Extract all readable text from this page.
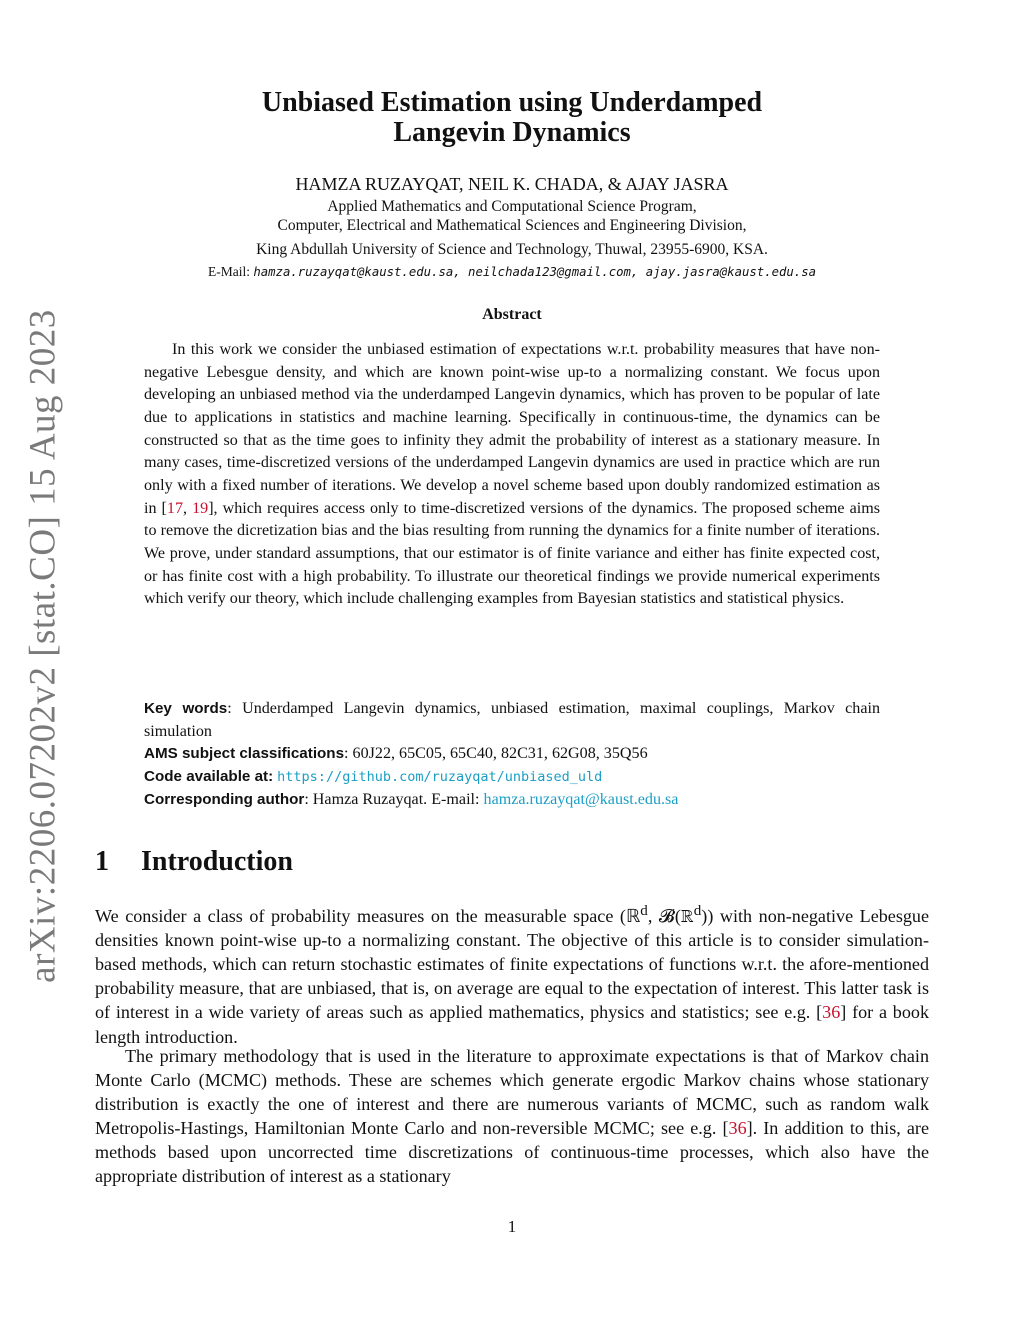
arXiv:2206.07202v2 [stat.CO] 15 Aug 2023
Unbiased Estimation using Underdamped
Langevin Dynamics
HAMZA RUZAYQAT, NEIL K. CHADA, & AJAY JASRA
Applied Mathematics and Computational Science Program,
Computer, Electrical and Mathematical Sciences and Engineering Division,
King Abdullah University of Science and Technology, Thuwal, 23955-6900, KSA.
E-Mail: hamza.ruzayqat@kaust.edu.sa, neilchada123@gmail.com, ajay.jasra@kaust.edu.sa
Abstract

In this work we consider the unbiased estimation of expectations w.r.t. probability measures that have non-negative Lebesgue density, and which are known point-wise up-to a normalizing constant. We focus upon developing an unbiased method via the underdamped Langevin dynamics, which has proven to be popular of late due to applications in statistics and machine learning. Specifically in continuous-time, the dynamics can be constructed so that as the time goes to infinity they admit the probability of interest as a stationary measure. In many cases, time-discretized versions of the underdamped Langevin dynamics are used in practice which are run only with a fixed number of iterations. We develop a novel scheme based upon doubly randomized estimation as in [17, 19], which requires access only to time-discretized versions of the dynamics. The proposed scheme aims to remove the dicretization bias and the bias resulting from running the dynamics for a finite number of iterations. We prove, under standard assumptions, that our estimator is of finite variance and either has finite expected cost, or has finite cost with a high probability. To illustrate our theoretical findings we provide numerical experiments which verify our theory, which include challenging examples from Bayesian statistics and statistical physics.

Key words: Underdamped Langevin dynamics, unbiased estimation, maximal couplings, Markov chain simulation

AMS subject classifications: 60J22, 65C05, 65C40, 82C31, 62G08, 35Q56

Code available at: https://github.com/ruzayqat/unbiased_uld

Corresponding author: Hamza Ruzayqat. E-mail: hamza.ruzayqat@kaust.edu.sa

1 Introduction

We consider a class of probability measures on the measurable space (ℝ$^d$, 𝓑(ℝ$^d$)) with non-negative Lebesgue densities known point-wise up-to a normalizing constant. The objective of this article is to consider simulation-based methods, which can return stochastic estimates of finite expectations of functions w.r.t. the afore-mentioned probability measure, that are unbiased, that is, on average are equal to the expectation of interest. This latter task is of interest in a wide variety of areas such as applied mathematics, physics and statistics; see e.g. [36] for a book length introduction.

The primary methodology that is used in the literature to approximate expectations is that of Markov chain Monte Carlo (MCMC) methods. These are schemes which generate ergodic Markov chains whose stationary distribution is exactly the one of interest and there are numerous variants of MCMC, such as random walk Metropolis-Hastings, Hamiltonian Monte Carlo and non-reversible MCMC; see e.g. [36]. In addition to this, are methods based upon uncorrected time discretizations of continuous-time processes, which also have the appropriate distribution of interest as a stationary

1
